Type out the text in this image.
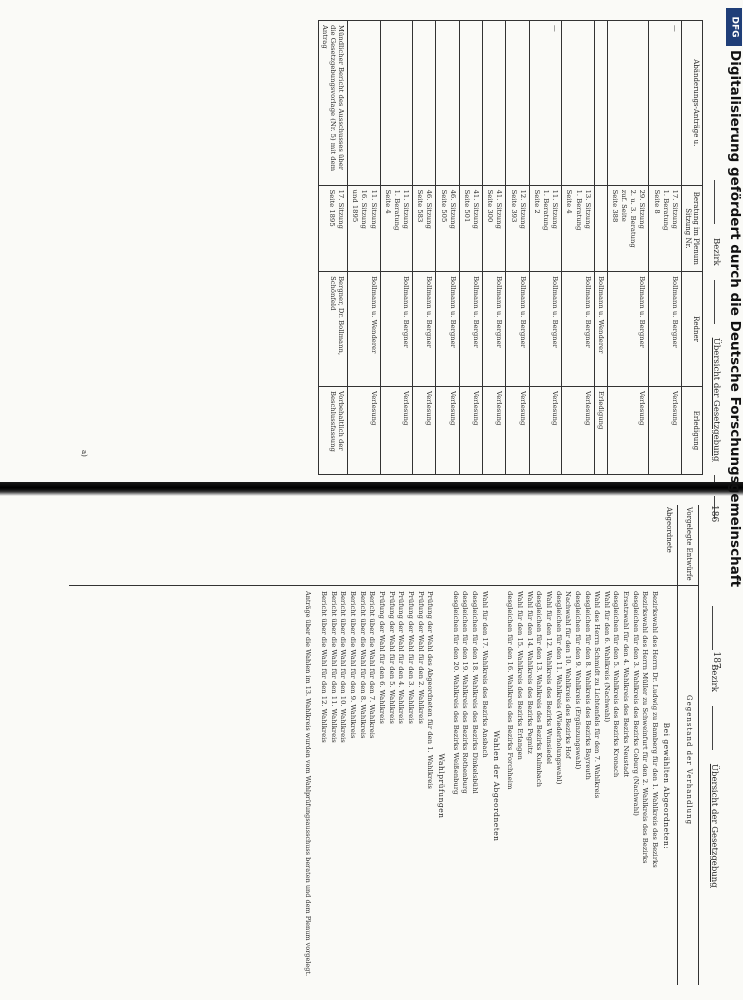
Bezirk
Übersicht der Gesetzgebung
187
Abänderungs-Anträge u.	Beratung im Plenum Sitzung Nr.	Redner	Erledigung
—	17. Sitzung
1. Beratung
Seite 8	Bollmann u. Bergner	Verlesung

	29. Sitzung
2. u. 3. Beratung
zuf. Seite
Seite 388	Bollmann u. Bergner	Verlesung

	Bollmann u. Wenderer	Erledigung

	13. Sitzung
1. Beratung
Seite 4	Bollmann u. Bergner	Verlesung
—	11. Sitzung
1. Beratung
Seite 2	Bollmann u. Bergner	Verlesung

	12. Sitzung
Seite 393	Bollmann u. Bergner	Verlesung

	41. Sitzung
Seite 300	Bollmann u. Bergner	Verlesung

	41. Sitzung
Seite 501	Bollmann u. Bergner	Verlesung

	46. Sitzung
Seite 505	Bollmann u. Bergner	Verlesung

	46. Sitzung
Seite 583	Bollmann u. Bergner	Verlesung

	11. Sitzung
1. Beratung
Seite 4	Bollmann u. Bergner	Verlesung

	11. Sitzung
16. Sitzung
und 1895	Bollmann u. Wenderer	Verlesung
Mündlicher Bericht des Ausschusses über die Gesetzgebungsvorlage (Nr. 5) mit dem Antrag	17. Sitzung
Seite 1895	Bergner, Dr. Bollmann, Schönfeld	Vorbehaltlich der Beschlussfassung
a)
186
Bezirk
Übersicht der Gesetzgebung
Vorgelegte Entwürfe
Gegenstand der Verhandlung
Abgeordnete
Bei gewählten Abgeordneten:
Bezirkswahl des Herrn Dr. Ludwig zu Bamberg für den 1. Wahlkreis des Bezirks
Bezirkswahl des Herrn Müller zu Schweinfurt für den 2. Wahlkreis des Bezirks
desgleichen für den 3. Wahlkreis des Bezirks Coburg (Nachwahl)
Ersatzwahl für den 4. Wahlkreis des Bezirks Neustadt
desgleichen für den 5. Wahlkreis des Bezirks Kronach
Wahl für den 6. Wahlkreis (Nachwahl)
Wahl des Herrn Schmidt zu Lichtenfels für den 7. Wahlkreis
desgleichen für den 8. Wahlkreis des Bezirks Bayreuth
desgleichen für den 9. Wahlkreis (Ergänzungswahl)
Nachwahl für den 10. Wahlkreis des Bezirks Hof
desgleichen für den 11. Wahlkreis (Wiederholungswahl)
Wahl für den 12. Wahlkreis des Bezirks Wunsiedel
desgleichen für den 13. Wahlkreis des Bezirks Kulmbach
Wahl für den 14. Wahlkreis des Bezirks Pegnitz
Wahl für den 15. Wahlkreis des Bezirks Erlangen
desgleichen für den 16. Wahlkreis des Bezirks Forchheim
Wahlen der Abgeordneten
Wahl für den 17. Wahlkreis des Bezirks Ansbach
desgleichen für den 18. Wahlkreis des Bezirks Dinkelsbühl
desgleichen für den 19. Wahlkreis des Bezirks Rothenburg
desgleichen für den 20. Wahlkreis des Bezirks Weißenburg
Wahlprüfungen
Prüfung der Wahl des Abgeordneten für den 1. Wahlkreis
Prüfung der Wahl für den 2. Wahlkreis
Prüfung der Wahl für den 3. Wahlkreis
Prüfung der Wahl für den 4. Wahlkreis
Prüfung der Wahl für den 5. Wahlkreis
Prüfung der Wahl für den 6. Wahlkreis
Bericht über die Wahl für den 7. Wahlkreis
Bericht über die Wahl für den 8. Wahlkreis
Bericht über die Wahl für den 9. Wahlkreis
Bericht über die Wahl für den 10. Wahlkreis
Bericht über die Wahl für den 11. Wahlkreis
Bericht über die Wahl für den 12. Wahlkreis
Anträge über die Wahlen im 13. Wahlkreis wurden vom Wahlprüfungsausschuss beraten und dem Plenum vorgelegt.
DFG
Digitalisierung gefördert durch die Deutsche Forschungsgemeinschaft
